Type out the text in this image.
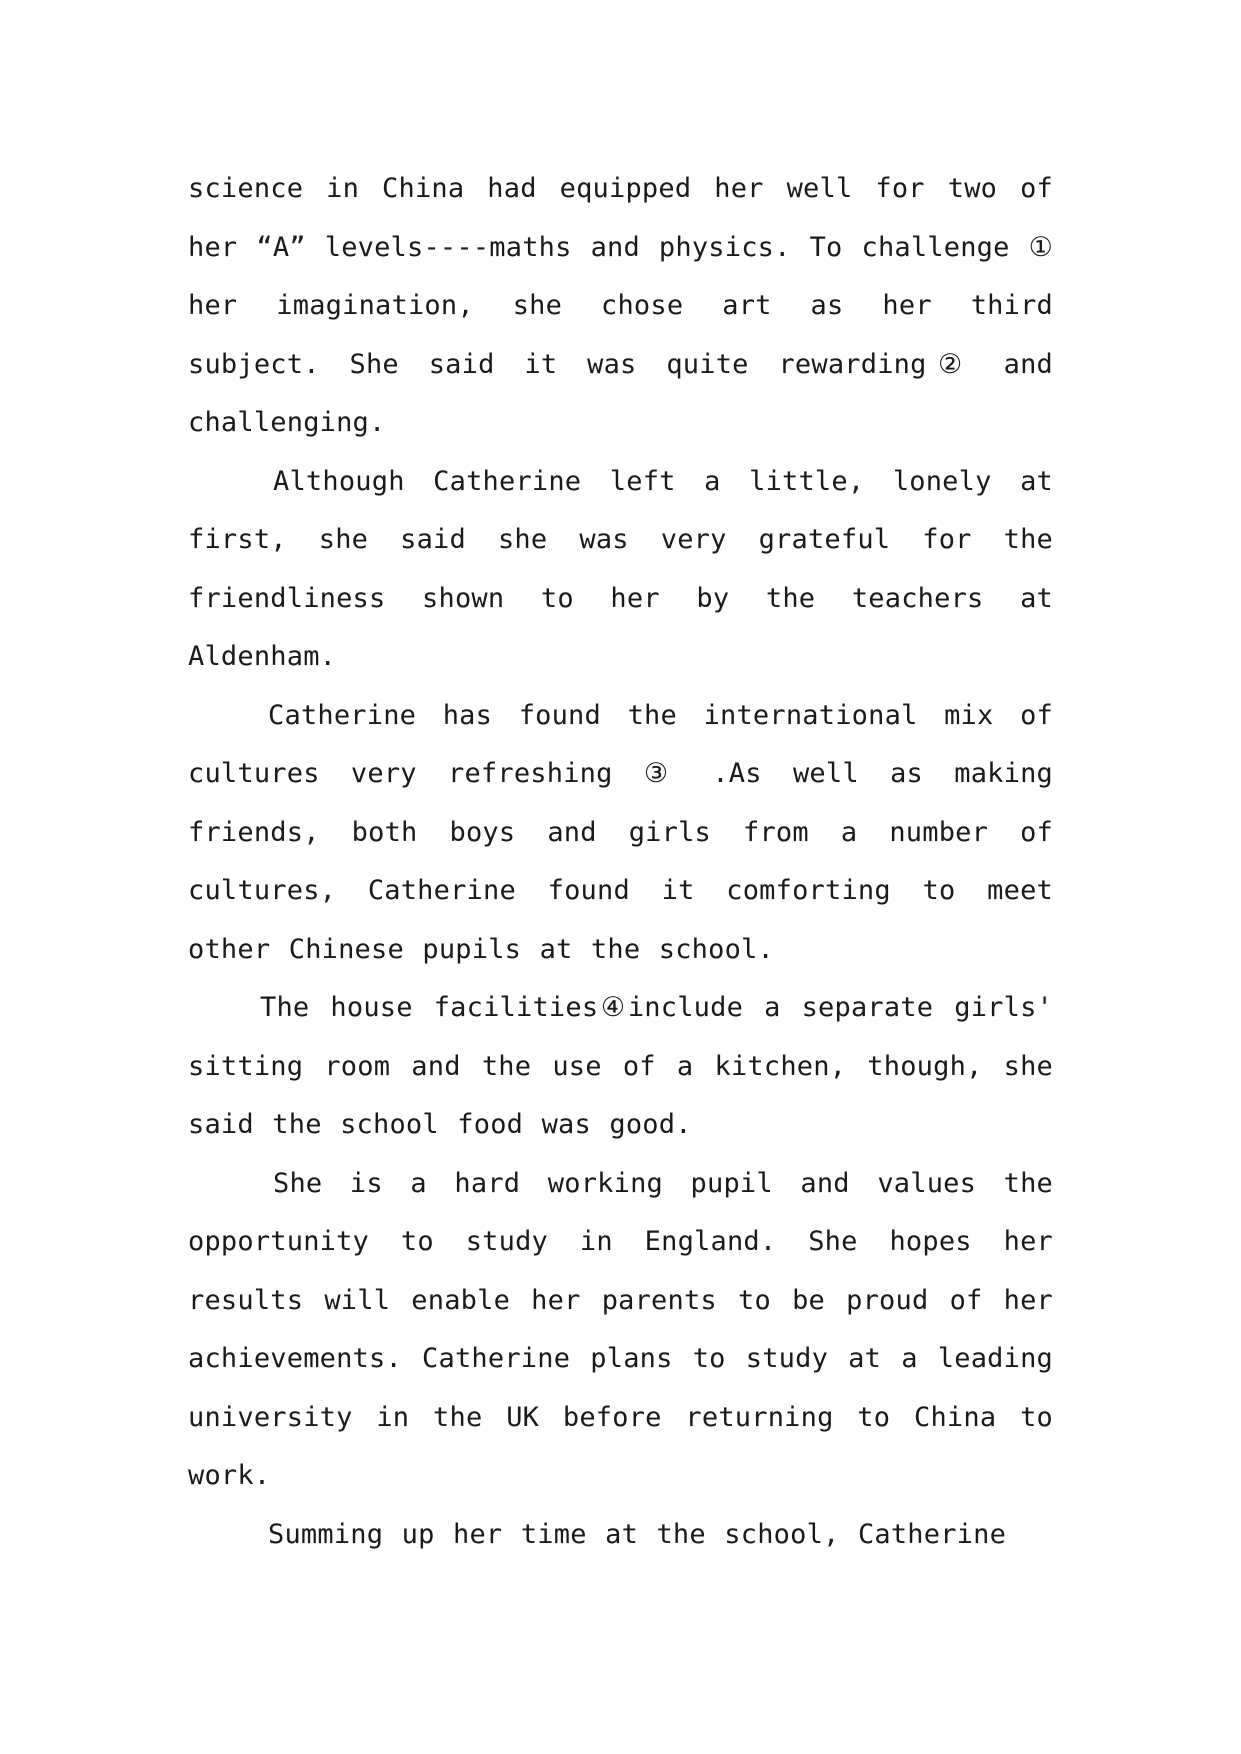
science in China had equipped her well for two of her “A” levels----maths and physics. To challenge ① her imagination, she chose art as her third subject. She said it was quite rewarding② and challenging.

Although Catherine left a little, lonely at first, she said she was very grateful for the friendliness shown to her by the teachers at Aldenham.

Catherine has found the international mix of cultures very refreshing ③ .As well as making friends, both boys and girls from a number of cultures, Catherine found it comforting to meet other Chinese pupils at the school.

The house facilities④include a separate girls' sitting room and the use of a kitchen, though, she said the school food was good.

She is a hard working pupil and values the opportunity to study in England. She hopes her results will enable her parents to be proud of her achievements. Catherine plans to study at a leading university in the UK before returning to China to work.

Summing up her time at the school, Catherine
